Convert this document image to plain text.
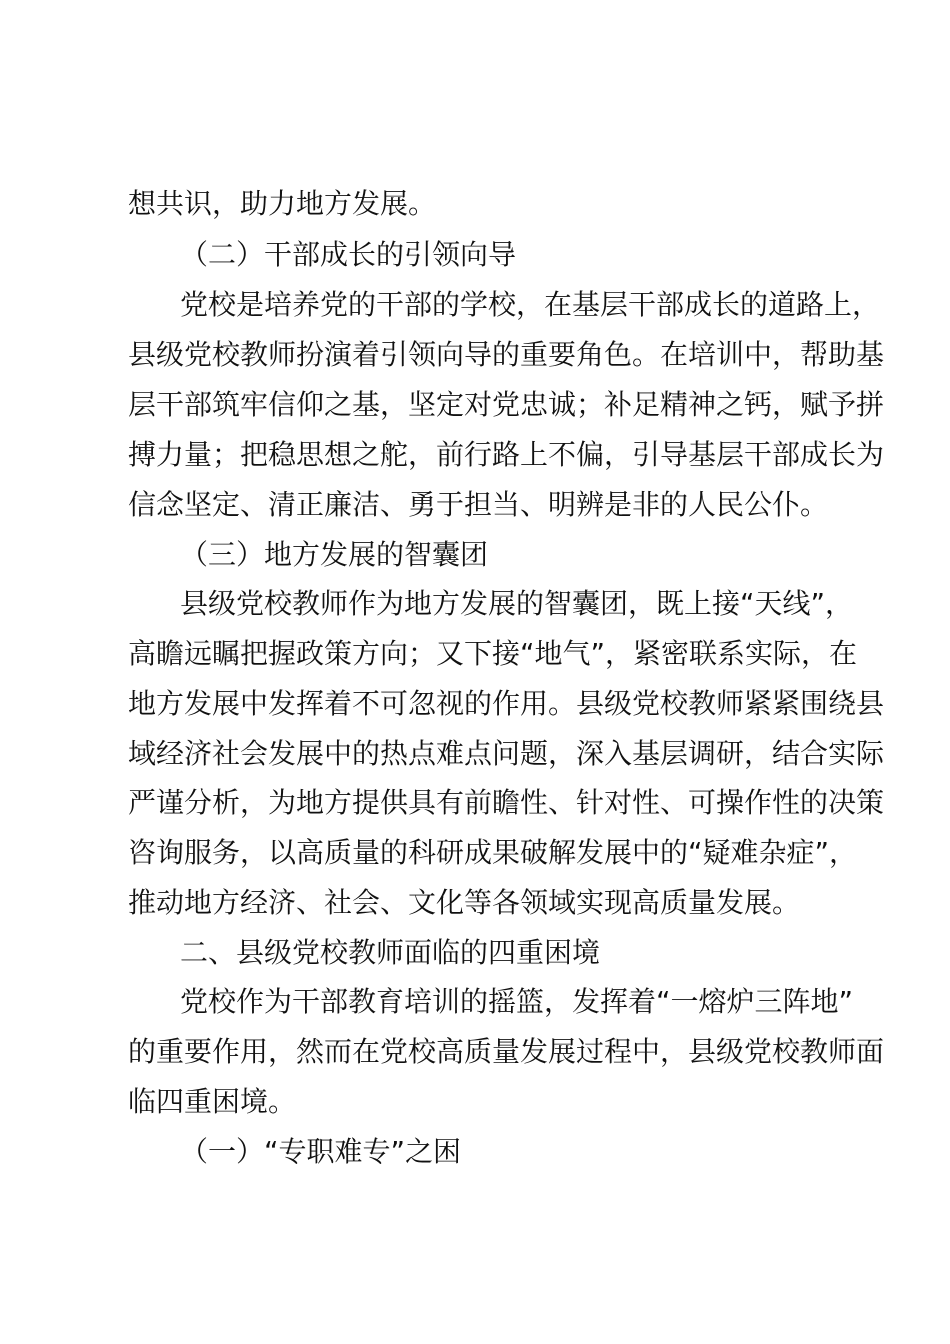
想共识，助力地方发展。
（二）干部成长的引领向导
党校是培养党的干部的学校，在基层干部成长的道路上，
县级党校教师扮演着引领向导的重要角色。在培训中，帮助基
层干部筑牢信仰之基，坚定对党忠诚；补足精神之钙，赋予拼
搏力量；把稳思想之舵，前行路上不偏，引导基层干部成长为
信念坚定、清正廉洁、勇于担当、明辨是非的人民公仆。
（三）地方发展的智囊团
县级党校教师作为地方发展的智囊团，既上接“天线”，
高瞻远瞩把握政策方向；又下接“地气”，紧密联系实际，在
地方发展中发挥着不可忽视的作用。县级党校教师紧紧围绕县
域经济社会发展中的热点难点问题，深入基层调研，结合实际
严谨分析，为地方提供具有前瞻性、针对性、可操作性的决策
咨询服务，以高质量的科研成果破解发展中的“疑难杂症”，
推动地方经济、社会、文化等各领域实现高质量发展。
二、县级党校教师面临的四重困境
党校作为干部教育培训的摇篮，发挥着“一熔炉三阵地”
的重要作用，然而在党校高质量发展过程中，县级党校教师面
临四重困境。
（一）“专职难专”之困
